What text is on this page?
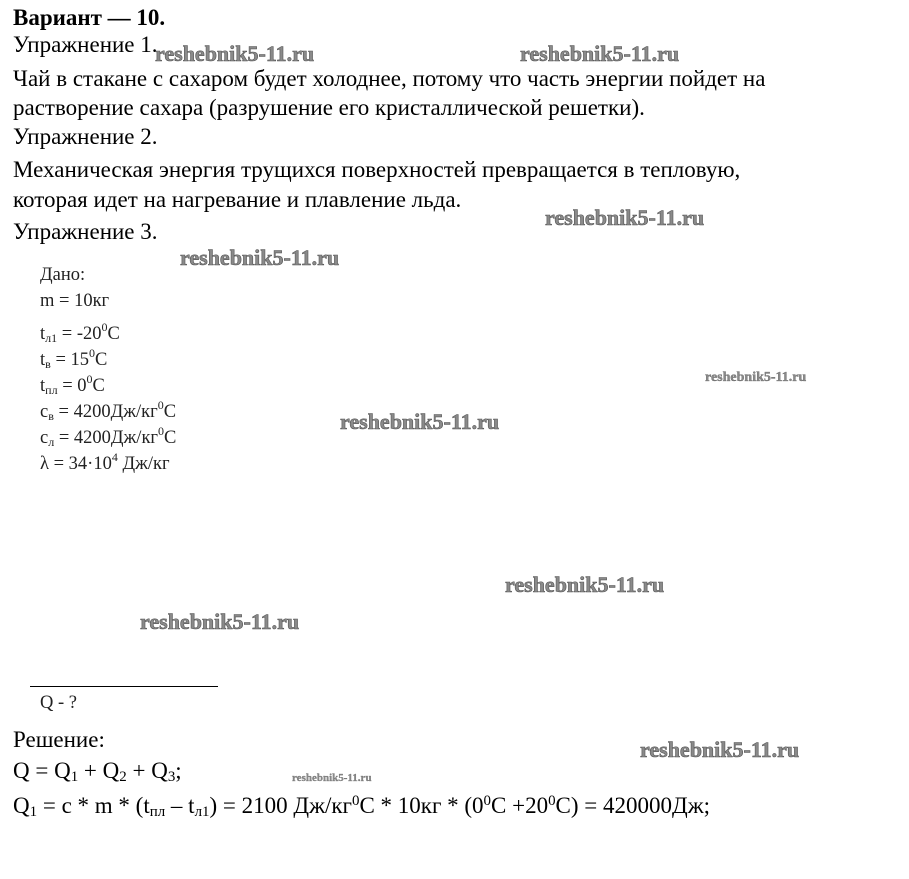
Вариант — 10.
Упражнение 1.
Чай в стакане с сахаром будет холоднее, потому что часть энергии пойдет на
растворение сахара (разрушение его кристаллической решетки).
Упражнение 2.
Механическая энергия трущихся поверхностей превращается в тепловую,
которая идет на нагревание и плавление льда.
Упражнение 3.
Дано:
m = 10кг
$t_{л1} = -20^0C$
$t_в = 15^0C$
$t_{пл} = 0^0C$
$c_в = 4200Дж/кг^0C$
$c_л = 4200Дж/кг^0C$
$\lambda = 34\cdot 10^4$ Дж/кг
Q - ?
Решение:
$Q = Q_1 + Q_2 + Q_3$;
$Q_1 = c * m * (t_{пл} - t_{л1}) = 2100$ $Дж/кг^0C * 10кг * (0^0C +20^0C) = 420000Дж$;
reshebnik5-11.ru	reshebnik5-11.ru
reshebnik5-11.ru
reshebnik5-11.ru
reshebnik5-11.ru
reshebnik5-11.ru
reshebnik5-11.ru
reshebnik5-11.ru
reshebnik5-11.ru
reshebnik5-11.ru
